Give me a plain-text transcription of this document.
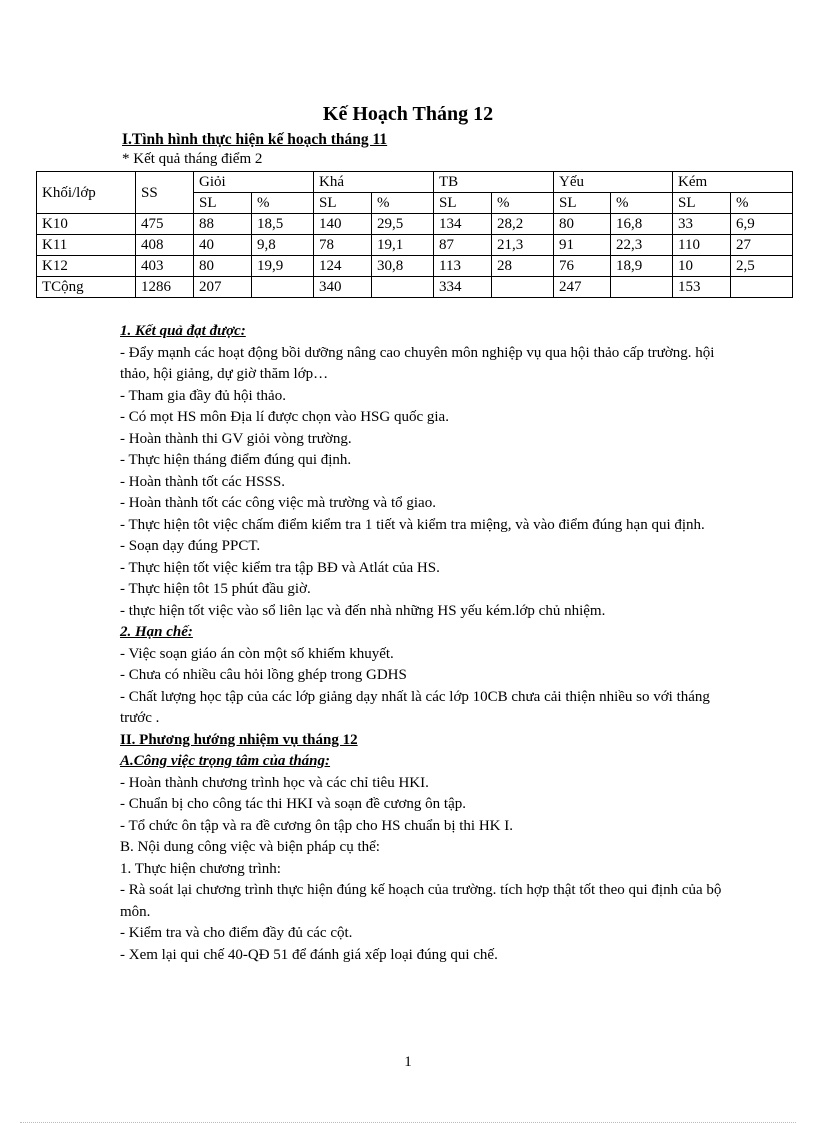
Kế Hoạch Tháng 12

I.Tình hình thực hiện kế hoạch tháng 11

* Kết quả tháng điểm 2

Khối/lớp	SS	Giỏi		Khá		TB		Yếu		Kém	
		SL	%	SL	%	SL	%	SL	%	SL	%
K10	475	88	18,5	140	29,5	134	28,2	80	16,8	33	6,9
K11	408	40	9,8	78	19,1	87	21,3	91	22,3	110	27
K12	403	80	19,9	124	30,8	113	28	76	18,9	10	2,5
TCộng	1286	207		340		334		247		153	

1. Kết quả đạt được:

- Đẩy mạnh các hoạt động bồi dưỡng nâng cao chuyên môn nghiệp vụ qua hội thảo cấp trường. hội thảo, hội giảng, dự giờ thăm lớp…

- Tham gia đầy đủ hội thảo.

- Có mọt HS môn Địa lí được chọn vào HSG quốc gia.

- Hoàn thành thi GV giỏi vòng trường.

- Thực hiện tháng điểm đúng qui định.

- Hoàn thành tốt các HSSS.

- Hoàn thành tốt các công việc mà trường và tổ giao.

- Thực hiện tôt việc chấm điểm kiểm tra 1 tiết và kiểm tra miệng, và vào điểm đúng hạn qui định.

- Soạn dạy đúng PPCT.

- Thực hiện tốt việc kiểm tra tập BĐ và Atlát của HS.

- Thực hiện tôt 15 phút đầu giờ.

- thực hiện tốt việc vào sổ liên lạc và đến nhà những HS yếu kém.lớp chủ nhiệm.

2. Hạn chế:

- Việc soạn giáo án còn một số khiếm khuyết.

- Chưa có nhiều câu hỏi lồng ghép trong GDHS

- Chất lượng học tập của các lớp giảng dạy nhất là các lớp 10CB chưa cải thiện nhiều so với tháng trước .

II. Phương hướng nhiệm vụ tháng 12

A.Công việc trọng tâm của tháng:

- Hoàn thành chương trình học và các chỉ tiêu HKI.

- Chuẩn bị cho công tác thi HKI và soạn đề cương ôn tập.

- Tổ chức ôn tập và ra đề cương ôn tập cho HS chuẩn bị thi HK I.

B. Nội dung công việc và biện pháp cụ thể:

1. Thực hiện chương trình:

- Rà soát lại chương trình thực hiện đúng kế hoạch của trường. tích hợp thật tốt theo qui định của bộ môn.

- Kiểm tra và cho điểm đầy đủ các cột.

- Xem lại qui chế 40-QĐ 51 để đánh giá xếp loại đúng qui chế.

1
